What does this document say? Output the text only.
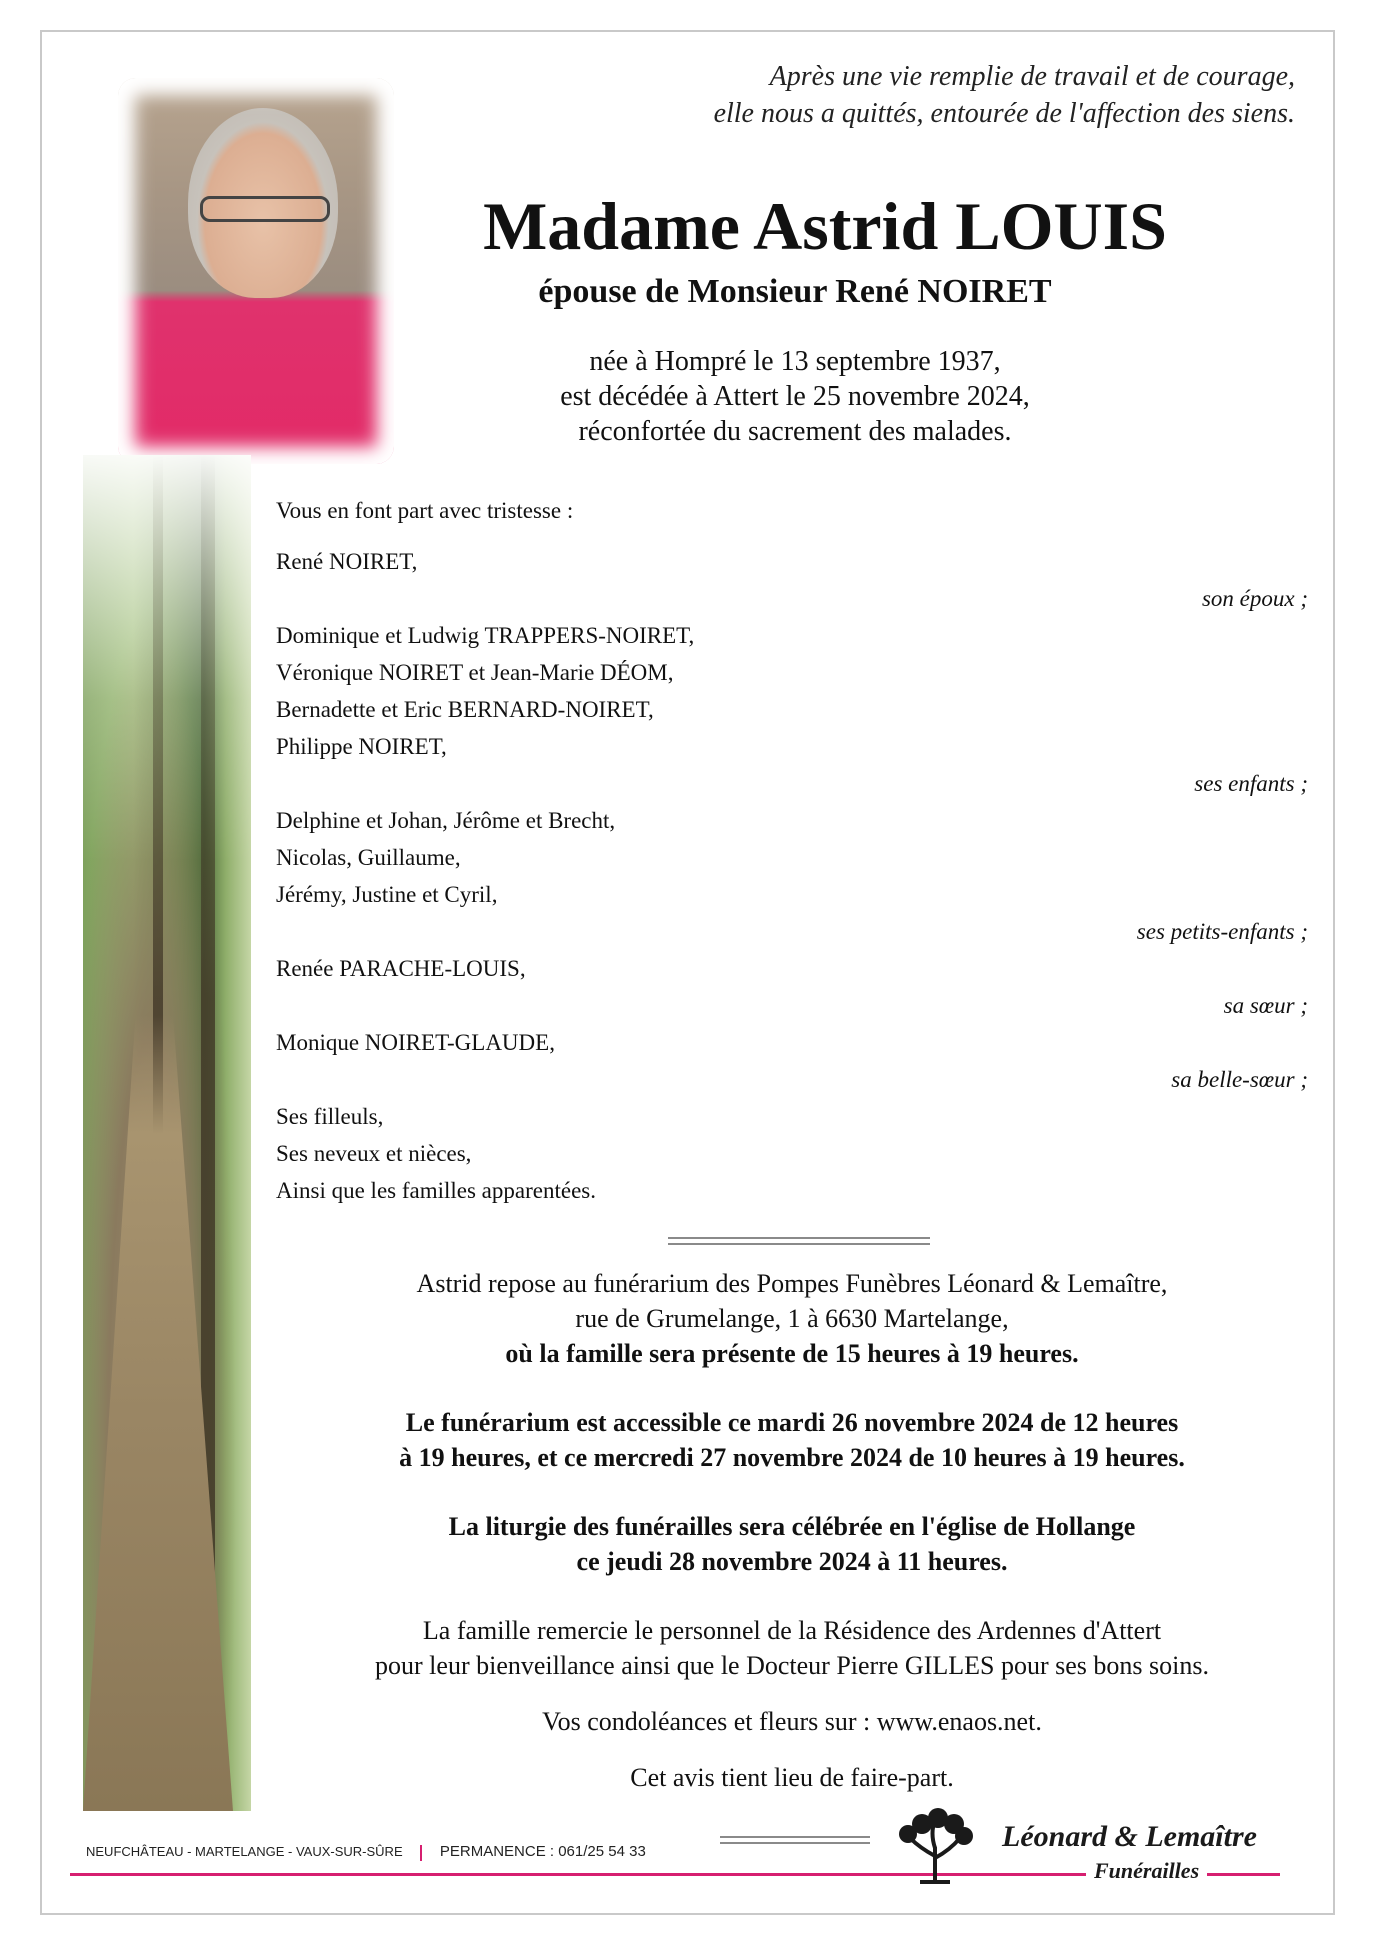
Après une vie remplie de travail et de courage,
elle nous a quittés, entourée de l'affection des siens.
Madame Astrid LOUIS
épouse de Monsieur René NOIRET
née à Hompré le 13 septembre 1937,
est décédée à Attert le 25 novembre 2024,
réconfortée du sacrement des malades.
Vous en font part avec tristesse :
René NOIRET,
son époux ;
Dominique et Ludwig TRAPPERS-NOIRET,
Véronique NOIRET et Jean-Marie DÉOM,
Bernadette et Eric BERNARD-NOIRET,
Philippe NOIRET,
ses enfants ;
Delphine et Johan, Jérôme et Brecht,
Nicolas, Guillaume,
Jérémy, Justine et Cyril,
ses petits-enfants ;
Renée PARACHE-LOUIS,
sa sœur ;
Monique NOIRET-GLAUDE,
sa belle-sœur ;
Ses filleuls,
Ses neveux et nièces,
Ainsi que les familles apparentées.
Astrid repose au funérarium des Pompes Funèbres Léonard & Lemaître,
rue de Grumelange, 1 à 6630 Martelange,
où la famille sera présente de 15 heures à 19 heures.
Le funérarium est accessible ce mardi 26 novembre 2024 de 12 heures
à 19 heures, et ce mercredi 27 novembre 2024 de 10 heures à 19 heures.
La liturgie des funérailles sera célébrée en l'église de Hollange
ce jeudi 28 novembre 2024 à 11 heures.
La famille remercie le personnel de la Résidence des Ardennes d'Attert
pour leur bienveillance ainsi que le Docteur Pierre GILLES pour ses bons soins.
Vos condoléances et fleurs sur : www.enaos.net.
Cet avis tient lieu de faire-part.
NEUFCHÂTEAU - MARTELANGE - VAUX-SUR-SÛRE PERMANENCE : 061/25 54 33	Léonard & Lemaître
Funérailles
